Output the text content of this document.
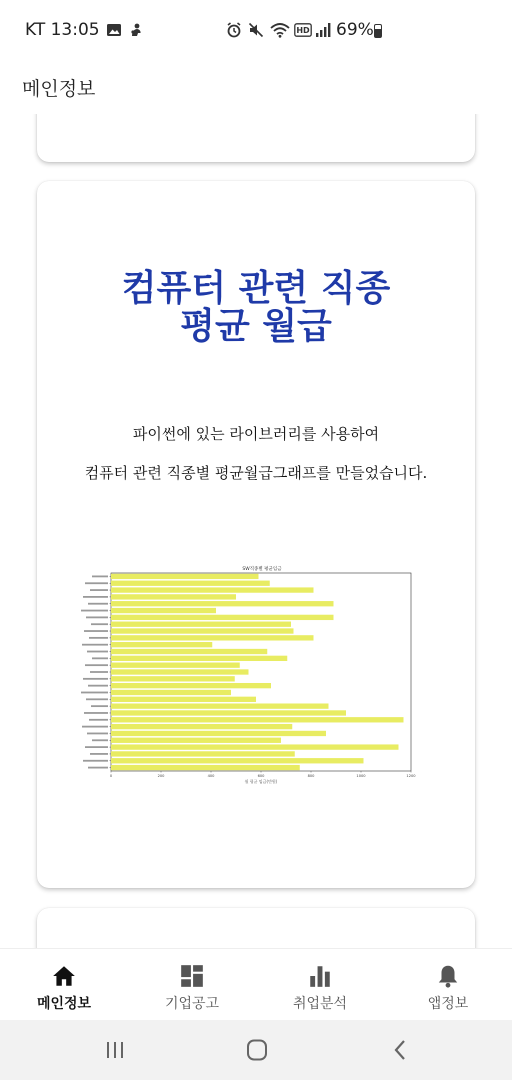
KT 13:05	HD 69%
메인정보
컴퓨터 관련 직종
평균 월급
파이썬에 있는 라이브러리를 사용하여
컴퓨터 관련 직종별 평균월급그래프를 만들었습니다.
SW직종별 평균임금
0	200	400	600	800	1000	1200
월 평균 임금(만원)
메인정보	기업공고	취업분석	앱정보
